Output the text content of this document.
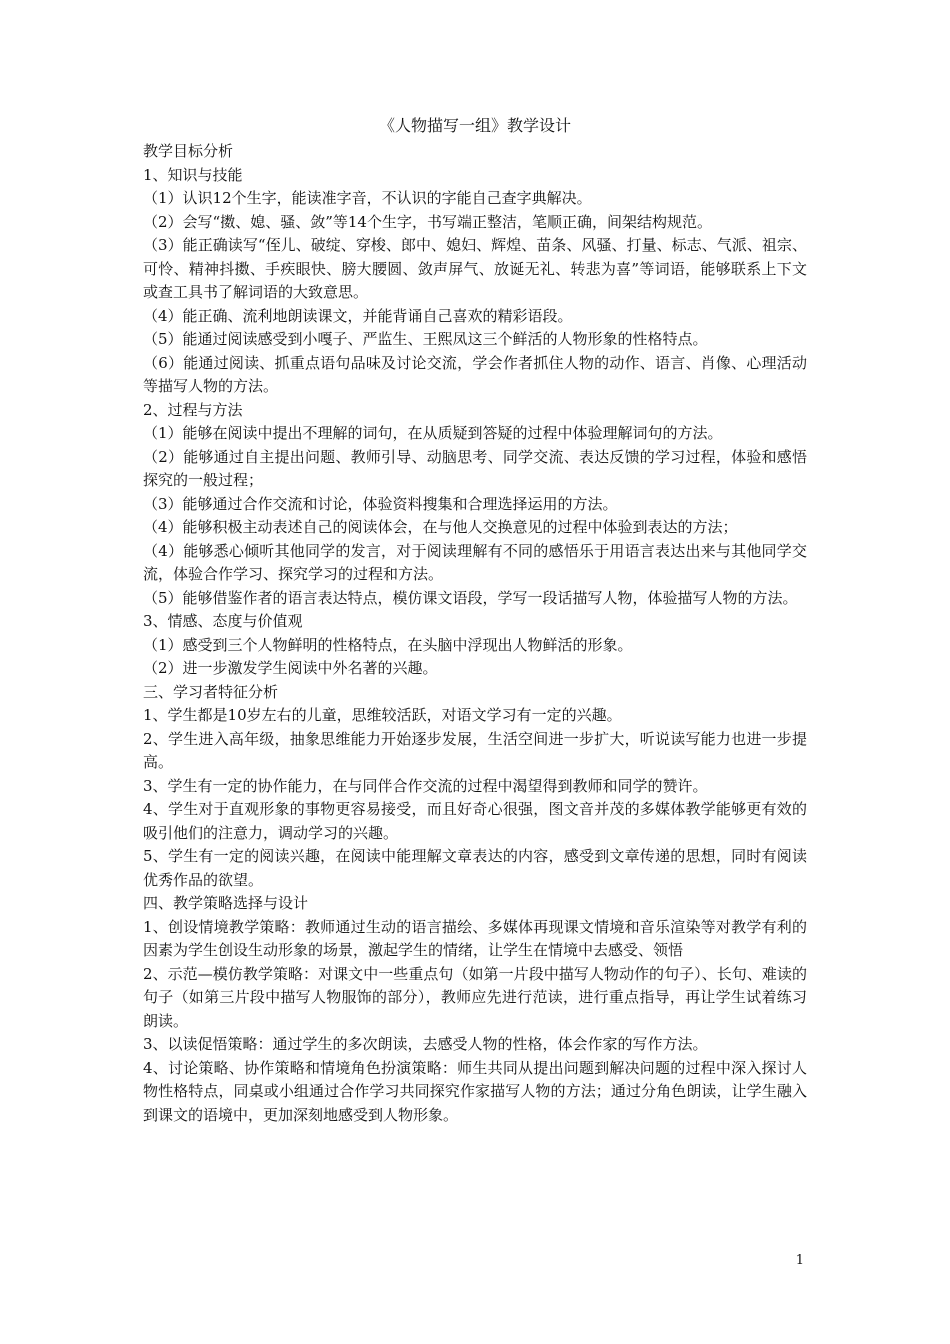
《人物描写一组》教学设计

教学目标分析

1、知识与技能

（1）认识12个生字，能读准字音，不认识的字能自己查字典解决。

（2）会写“擞、媳、骚、敛”等14个生字，书写端正整洁，笔顺正确，间架结构规范。

（3）能正确读写“侄儿、破绽、穿梭、郎中、媳妇、辉煌、苗条、风骚、打量、标志、气派、祖宗、可怜、精神抖擞、手疾眼快、膀大腰圆、敛声屏气、放诞无礼、转悲为喜”等词语，能够联系上下文或查工具书了解词语的大致意思。

（4）能正确、流利地朗读课文，并能背诵自己喜欢的精彩语段。

（5）能通过阅读感受到小嘎子、严监生、王熙凤这三个鲜活的人物形象的性格特点。

（6）能通过阅读、抓重点语句品味及讨论交流，学会作者抓住人物的动作、语言、肖像、心理活动等描写人物的方法。

2、过程与方法

（1）能够在阅读中提出不理解的词句，在从质疑到答疑的过程中体验理解词句的方法。

（2）能够通过自主提出问题、教师引导、动脑思考、同学交流、表达反馈的学习过程，体验和感悟探究的一般过程；

（3）能够通过合作交流和讨论，体验资料搜集和合理选择运用的方法。

（4）能够积极主动表述自己的阅读体会，在与他人交换意见的过程中体验到表达的方法；

（4）能够悉心倾听其他同学的发言，对于阅读理解有不同的感悟乐于用语言表达出来与其他同学交流，体验合作学习、探究学习的过程和方法。

（5）能够借鉴作者的语言表达特点，模仿课文语段，学写一段话描写人物，体验描写人物的方法。

3、情感、态度与价值观

（1）感受到三个人物鲜明的性格特点，在头脑中浮现出人物鲜活的形象。

（2）进一步激发学生阅读中外名著的兴趣。

三、学习者特征分析

1、学生都是10岁左右的儿童，思维较活跃，对语文学习有一定的兴趣。

2、学生进入高年级，抽象思维能力开始逐步发展，生活空间进一步扩大，听说读写能力也进一步提高。

3、学生有一定的协作能力，在与同伴合作交流的过程中渴望得到教师和同学的赞许。

4、学生对于直观形象的事物更容易接受，而且好奇心很强，图文音并茂的多媒体教学能够更有效的吸引他们的注意力，调动学习的兴趣。

5、学生有一定的阅读兴趣，在阅读中能理解文章表达的内容，感受到文章传递的思想，同时有阅读优秀作品的欲望。

四、教学策略选择与设计

1、创设情境教学策略：教师通过生动的语言描绘、多媒体再现课文情境和音乐渲染等对教学有利的因素为学生创设生动形象的场景，激起学生的情绪，让学生在情境中去感受、领悟

2、示范—模仿教学策略：对课文中一些重点句（如第一片段中描写人物动作的句子）、长句、难读的句子（如第三片段中描写人物服饰的部分），教师应先进行范读，进行重点指导，再让学生试着练习朗读。

3、以读促悟策略：通过学生的多次朗读，去感受人物的性格，体会作家的写作方法。

4、讨论策略、协作策略和情境角色扮演策略：师生共同从提出问题到解决问题的过程中深入探讨人物性格特点，同桌或小组通过合作学习共同探究作家描写人物的方法；通过分角色朗读，让学生融入到课文的语境中，更加深刻地感受到人物形象。

1
